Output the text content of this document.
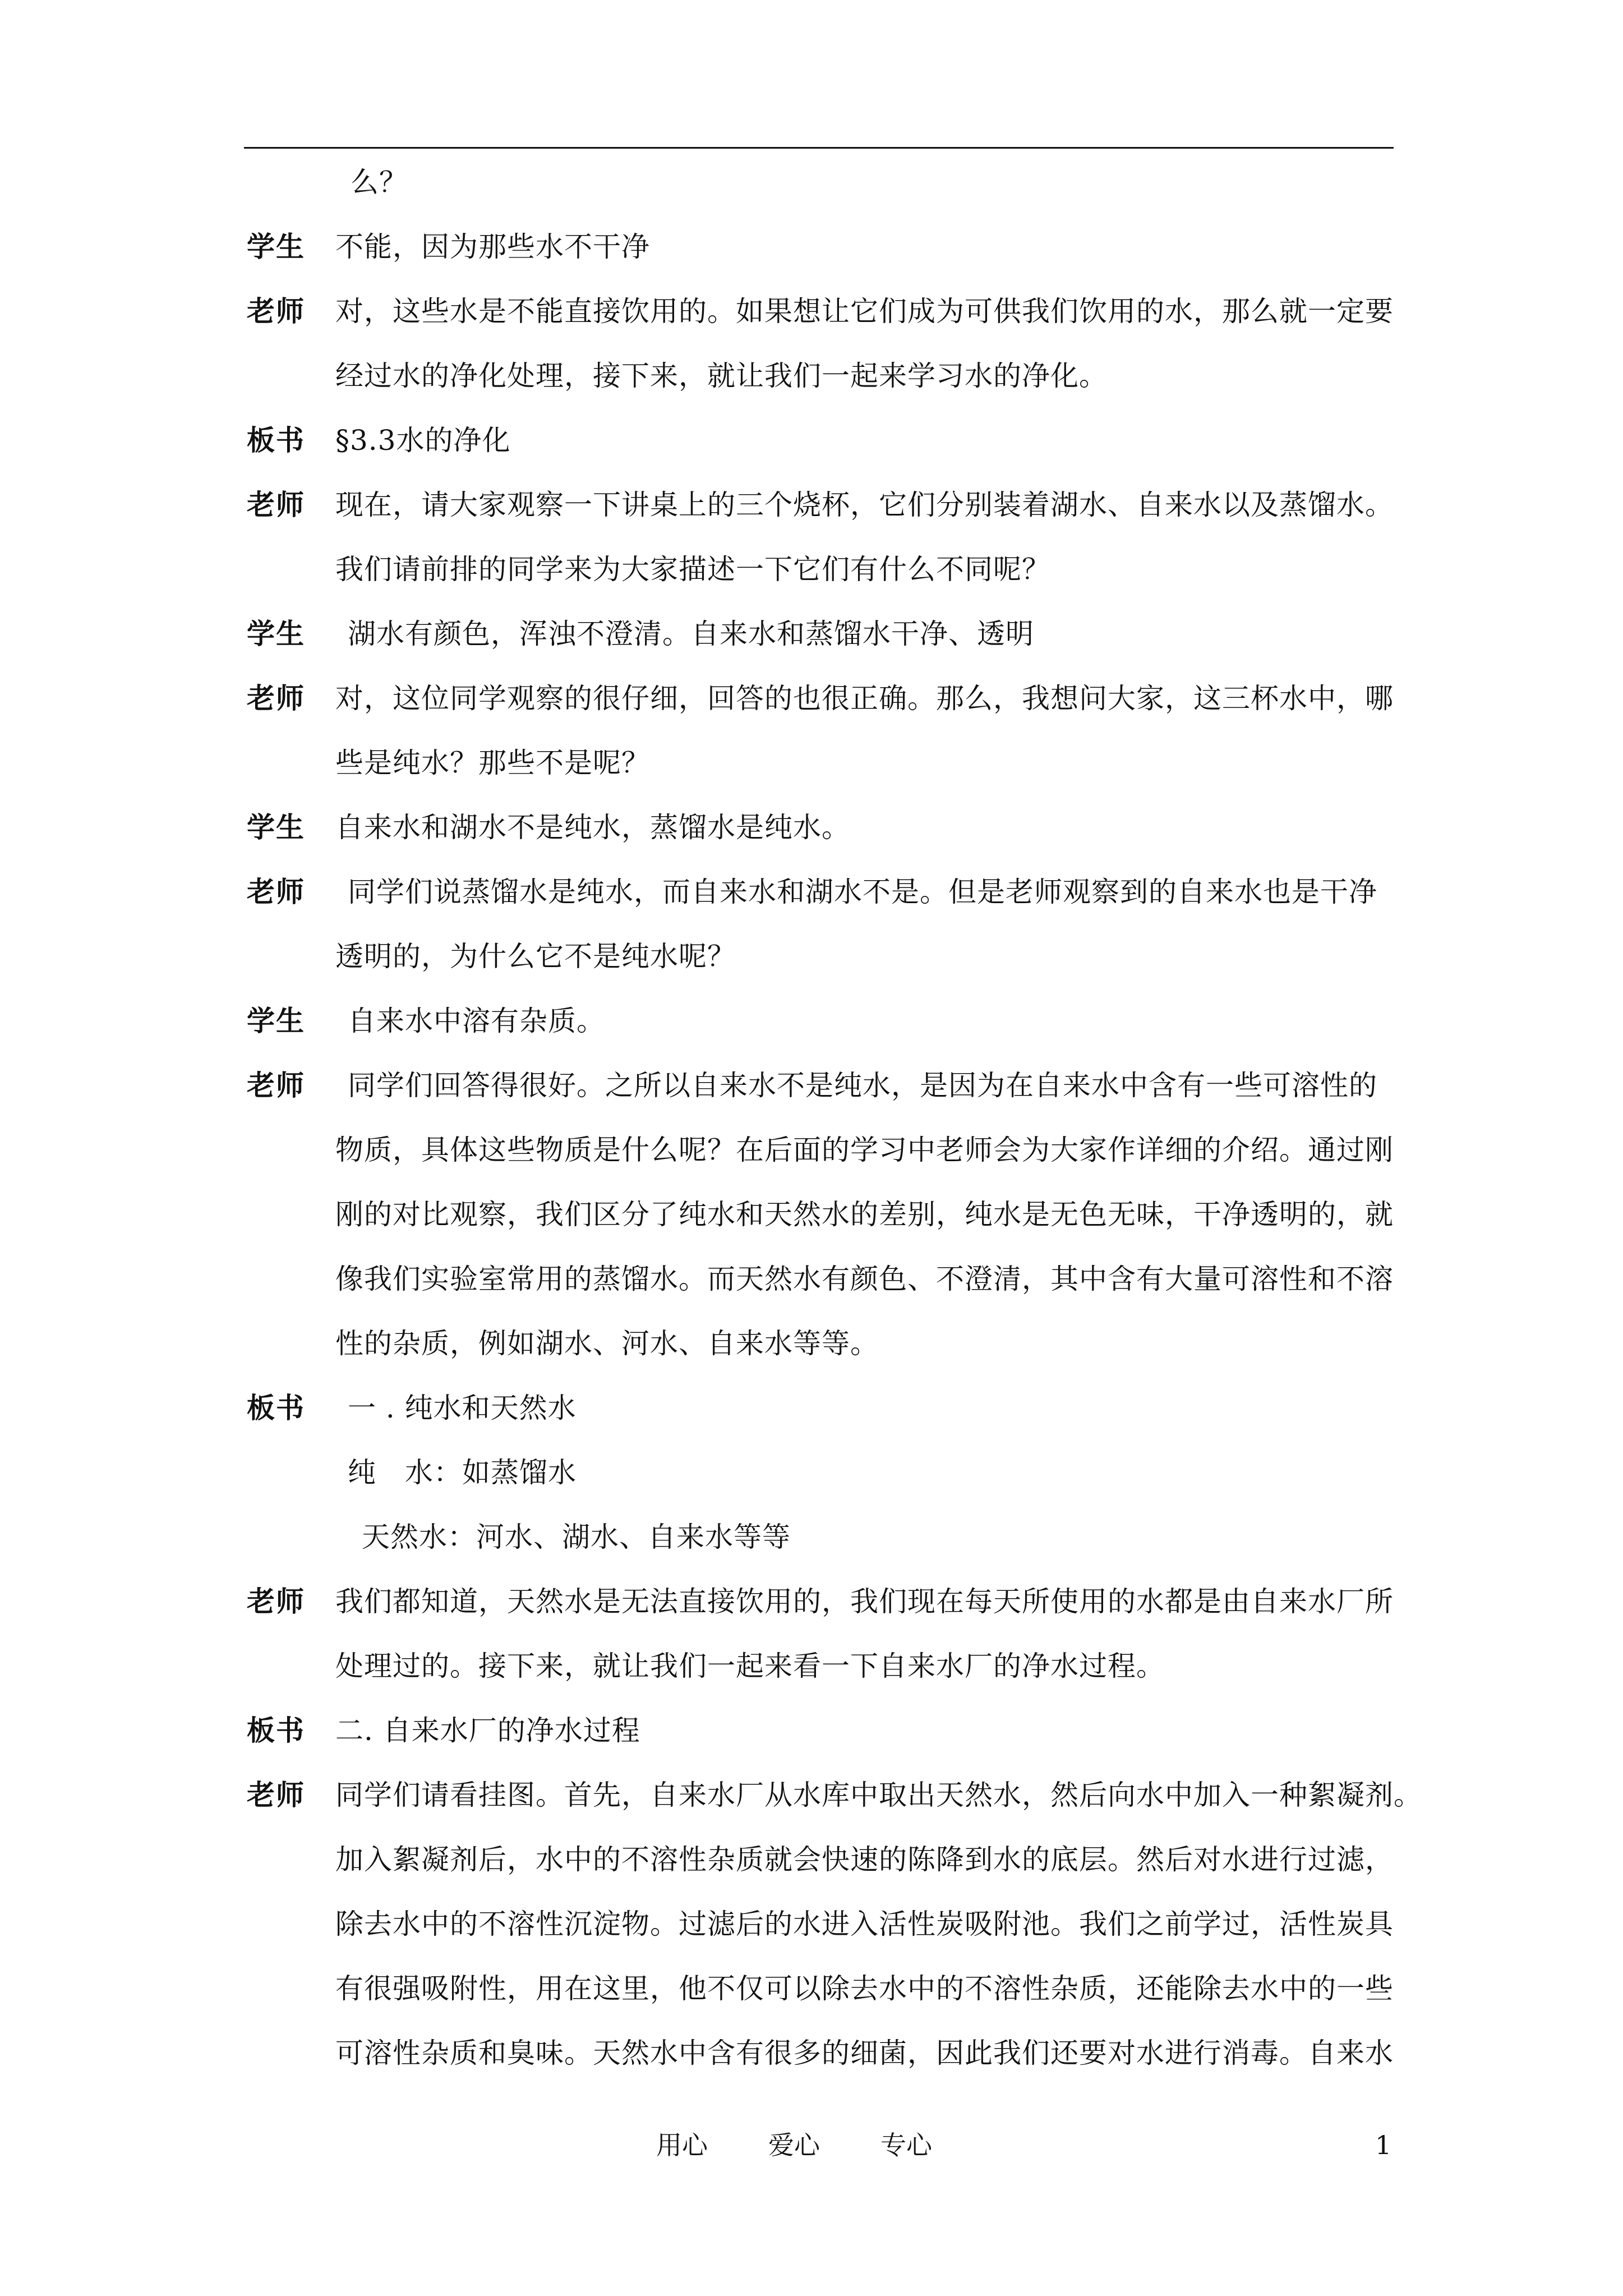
么？
学生 不能，因为那些水不干净
老师 对，这些水是不能直接饮用的。如果想让它们成为可供我们饮用的水，那么就一定要
经过水的净化处理，接下来，就让我们一起来学习水的净化。
板书 §3.3水的净化
老师 现在，请大家观察一下讲桌上的三个烧杯，它们分别装着湖水、自来水以及蒸馏水。
我们请前排的同学来为大家描述一下它们有什么不同呢？
学生 湖水有颜色，浑浊不澄清。自来水和蒸馏水干净、透明
老师 对，这位同学观察的很仔细，回答的也很正确。那么，我想问大家，这三杯水中，哪
些是纯水？那些不是呢？
学生 自来水和湖水不是纯水，蒸馏水是纯水。
老师 同学们说蒸馏水是纯水，而自来水和湖水不是。但是老师观察到的自来水也是干净
透明的，为什么它不是纯水呢？
学生 自来水中溶有杂质。
老师 同学们回答得很好。之所以自来水不是纯水，是因为在自来水中含有一些可溶性的
物质，具体这些物质是什么呢？在后面的学习中老师会为大家作详细的介绍。通过刚
刚的对比观察，我们区分了纯水和天然水的差别，纯水是无色无味，干净透明的，就
像我们实验室常用的蒸馏水。而天然水有颜色、不澄清，其中含有大量可溶性和不溶
性的杂质，例如湖水、河水、自来水等等。
板书 一 . 纯水和天然水
纯　水：如蒸馏水
天然水：河水、湖水、自来水等等
老师 我们都知道，天然水是无法直接饮用的，我们现在每天所使用的水都是由自来水厂所
处理过的。接下来，就让我们一起来看一下自来水厂的净水过程。
板书 二. 自来水厂的净水过程
老师 同学们请看挂图。首先，自来水厂从水库中取出天然水，然后向水中加入一种絮凝剂。
加入絮凝剂后，水中的不溶性杂质就会快速的陈降到水的底层。然后对水进行过滤，
除去水中的不溶性沉淀物。过滤后的水进入活性炭吸附池。我们之前学过，活性炭具
有很强吸附性，用在这里，他不仅可以除去水中的不溶性杂质，还能除去水中的一些
可溶性杂质和臭味。天然水中含有很多的细菌，因此我们还要对水进行消毒。自来水
用心 爱心 专心	1
